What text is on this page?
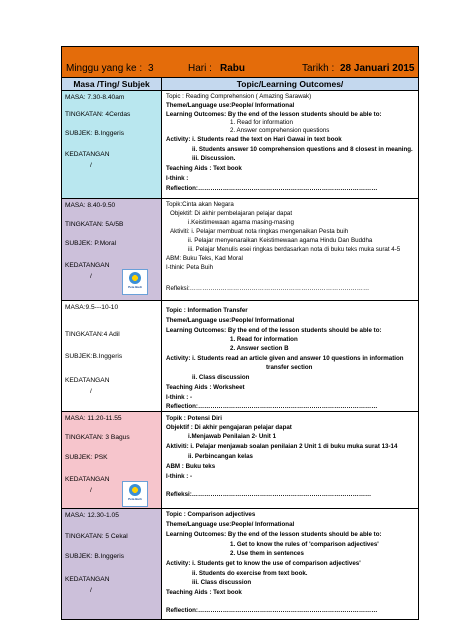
Minggu yang ke : 3	Hari : Rabu	Tarikh : 28 Januari 2015
Masa /Ting/ Subjek	Topic/Learning Outcomes/
MASA: 7.30-8.40am
TINGKATAN: 4Cerdas
SUBJEK: B.Inggeris
KEDATANGAN
/
Topic : Reading Comprehension ( Amazing Sarawak)
Theme/Language use:People/ Informational
Learning Outcomes: By the end of the lesson students should be able to:
1. Read for information
2. Answer comprehension questions
Activity: i. Students read the text on Hari Gawai in text book
ii. Students answer 10 comprehension questions and 8 closest in meaning.
iii. Discussion.
Teaching Aids : Text book
I-think :
Reflection:……………………………………………………………………………
MASA: 8.40-9.50
TINGKATAN: 5A/5B
SUBJEK: P.Moral
KEDATANGAN
/
Pete Budi
Topik:Cinta akan Negara
Objektif: Di akhir pembelajaran pelajar dapat
i.Keistimewaan agama masing-masing
Aktiviti: i. Pelajar membuat nota ringkas mengenaikan Pesta buih
ii. Pelajar menyenaraikan Keistimewaan agama Hindu Dan Buddha
iii. Pelajar Menulis esei ringkas berdasarkan nota di buku teks muka surat 4-5
ABM: Buku Teks, Kad Moral
I-think: Peta Buih
Refleksi:……………………………………………………………………………
MASA:9.5---10-10
TINGKATAN:4 Adil
SUBJEK:B.Inggeris
KEDATANGAN
/
Topic : Information Transfer
Theme/Language use:People/ Informational
Learning Outcomes: By the end of the lesson students should be able to:
1. Read for information
2. Answer section B
Activity: i. Students read an article given and answer 10 questions in information
transfer section
ii. Class discussion
Teaching Aids : Worksheet
I-think : -
Reflection:……………………………………………………………………………
MASA: 11.20-11.55
TINGKATAN: 3 Bagus
SUBJEK: PSK
KEDATANGAN
/
Peta Buih
Topik : Potensi Diri
Objektif : Di akhir pengajaran pelajar dapat
i.Menjawab Penilaian 2- Unit 1
Aktiviti: i. Pelajar menjawab soalan penilaian 2 Unit 1 di buku muka surat 13-14
ii. Perbincangan kelas
ABM : Buku teks
I-think : -
Refleksi:……………………………………………………………………………
MASA: 12.30-1.05
TINGKATAN: 5 Cekal
SUBJEK: B.Inggeris
KEDATANGAN
/
Topic : Comparison adjectives
Theme/Language use:People/ Informational
Learning Outcomes: By the end of the lesson students should be able to:
1. Get to know the rules of 'comparison adjectives'
2. Use them in sentences
Activity: i. Students get to know the use of comparison adjectives'
ii. Students do exercise from text book.
iii. Class discussion
Teaching Aids : Text book
Reflection:……………………………………………………………………………
